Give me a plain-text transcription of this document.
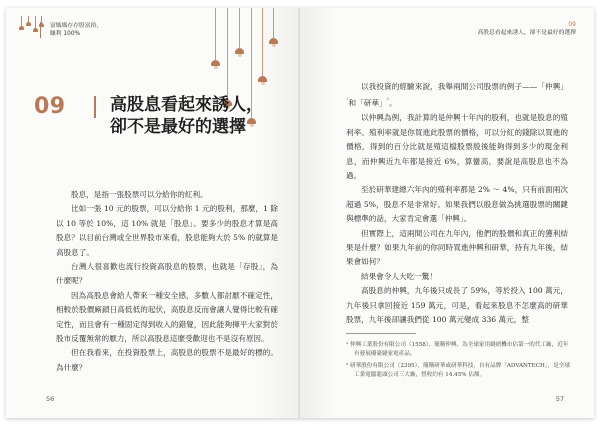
富媽媽存存股富拾，
賺利 100%
09	高股息看起來誘人，
卻不是最好的選擇

股息，是指一張股票可以分給你的紅利。

比如一張 10 元的股票，可以分給你 1 元的股利，那麼，1 除以 10 等於 10%，這 10% 就是「股息」。要多少的股息才算是高股息？以目前台灣或全世界股市來看，股息能夠大於 5% 的就算是高股息了。

台灣人很喜歡也流行投資高股息的股票，也就是「存股」，為什麼呢？

因為高股息會給人帶來一種安全感，多數人都討厭不確定性，相較於股價廝鎖日高低低的起伏，高股息反而會讓人覺得比較有確定性，而且會有一種固定得到收入的錯覺，因此能夠揮平大家對於股市反覆無常的厭力，所以高股息這麼受歡迎也不是沒有原因。

但在我看來，在投資股票上，高股息的股票不是最好的標的。為什麼？

56
09
高股息看起來誘人，卻不是最好的選擇

以我投資的經驗來說，我舉兩間公司股票的例子——「仲興」$^{^1}$和「研華」$^{^2}$。

以仲興為例，我計算的是仲興十年內的股利，也就是股息的殖利率。殖利率就是你買進此股票的價格，可以分紅的錢除以買進的價格，得到的百分比就是殖這檔股票殷後能夠得到多少的現金利息，而仲興近九年都是接近 6%，算蠻高，要說是高股息也不為過。

至於研華建總六年內的殖利率都是 2% ～ 4%，只有前面兩次超過 5%，股息不是非常好。如果我們以殷息做為挑選股票的關鍵與標準的話，大家肯定會選「仲興」。

但實際上，這兩間公司在九年內，他們的股價和真正的獲利結果是什麼？如果九年前的你同時買進仲興和研華，持有九年後，結果會如何？

結果會令人大吃一驚！

高股息的仲興，九年後只成長了 59%，等於投入 100 萬元，九年後只拿回接近 159 萬元，可是，看起來股息不怎麼高的研華股票，九年後卻讓我們從 100 萬元變成 336 萬元，整

¹ 仲興工業股份有限公司（1558），簡稱仲興，為全球家用縫紉機市佔第一的代工廠，近年有發展優臺縫家電產品。

² 研華股份有限公司（2395），簡稱研華或研華科技，自有品牌「ADVANTECH」，是全球工業電腦龍頭公司三大廠，營收約有 14.45% 佔額。

57
